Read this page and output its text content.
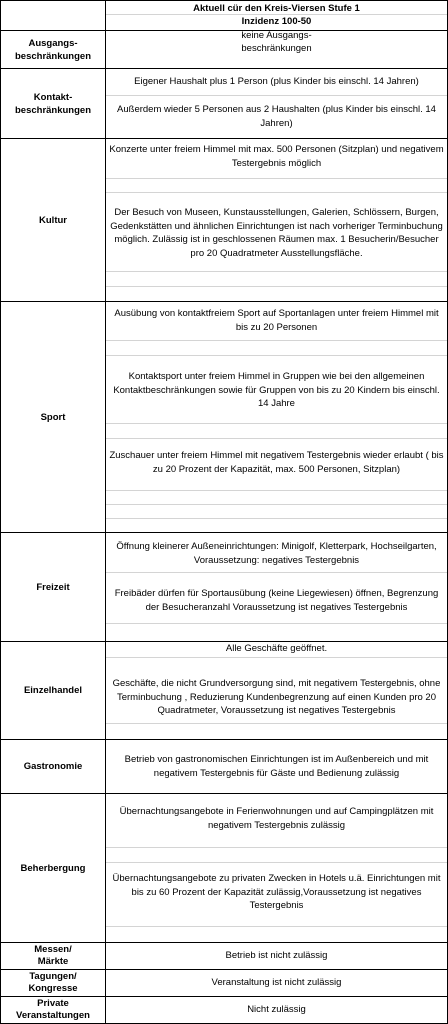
Aktuell cür den Kreis-Viersen Stufe 1
Inzidenz 100-50
Ausgangs-
beschränkungen
keine Ausgangs-
beschränkungen
Kontakt-
beschränkungen
Eigener Haushalt plus 1 Person (plus Kinder bis einschl. 14 Jahren)
Außerdem wieder 5 Personen aus 2 Haushalten (plus Kinder bis einschl. 14 Jahren)
Kultur
Konzerte unter freiem Himmel mit max. 500 Personen (Sitzplan) und negativem Testergebnis möglich
Der Besuch von Museen, Kunstausstellungen, Galerien, Schlössern, Burgen, Gedenkstätten und ähnlichen Einrichtungen ist nach vorheriger Terminbuchung möglich. Zulässig ist in geschlossenen Räumen max. 1 Besucherin/Besucher pro 20 Quadratmeter Ausstellungsfläche.
Sport
Ausübung von kontaktfreiem Sport auf Sportanlagen unter freiem Himmel mit bis zu 20 Personen
Kontaktsport unter freiem Himmel in Gruppen wie bei den allgemeinen Kontaktbeschränkungen sowie für Gruppen von bis zu 20 Kindern bis einschl. 14 Jahre
Zuschauer unter freiem Himmel mit negativem Testergebnis wieder erlaubt ( bis zu 20 Prozent der Kapazität, max. 500 Personen, Sitzplan)
Freizeit
Öffnung kleinerer Außeneinrichtungen: Minigolf, Kletterpark, Hochseilgarten, Voraussetzung: negatives Testergebnis
Freibäder dürfen für Sportausübung (keine Liegewiesen) öffnen, Begrenzung der Besucheranzahl Voraussetzung ist negatives Testergebnis
Einzelhandel
Alle Geschäfte geöffnet.
Geschäfte, die nicht Grundversorgung sind, mit negativem Testergebnis, ohne Terminbuchung , Reduzierung Kundenbegrenzung auf einen Kunden pro 20 Quadratmeter, Voraussetzung ist negatives Testergebnis
Gastronomie
Betrieb von gastronomischen Einrichtungen ist im Außenbereich und mit negativem Testergebnis für Gäste und Bedienung zulässig
Beherbergung
Übernachtungsangebote in Ferienwohnungen und auf Campingplätzen mit negativem Testergebnis zulässig
Übernachtungsangebote zu privaten Zwecken in Hotels u.ä. Einrichtungen mit bis zu 60 Prozent der Kapazität zulässig,Voraussetzung ist negatives Testergebnis
Messen/
Märkte
Betrieb ist nicht zulässig
Tagungen/
Kongresse
Veranstaltung ist nicht zulässig
Private
Veranstaltungen
Nicht zulässig
